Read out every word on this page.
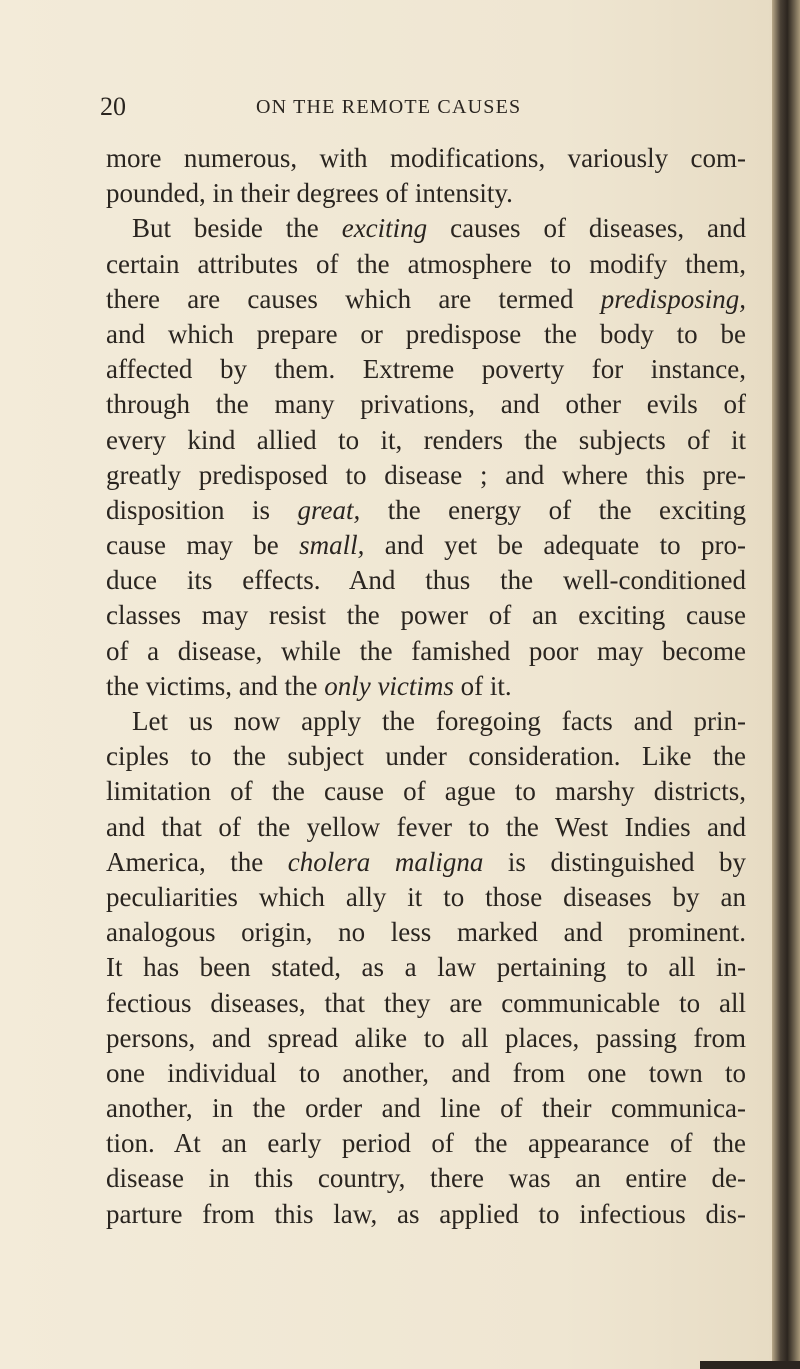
20	ON THE REMOTE CAUSES
more numerous, with modifications, variously com-
pounded, in their degrees of intensity.
But beside the exciting causes of diseases, and
certain attributes of the atmosphere to modify them,
there are causes which are termed predisposing,
and which prepare or predispose the body to be
affected by them. Extreme poverty for instance,
through the many privations, and other evils of
every kind allied to it, renders the subjects of it
greatly predisposed to disease ; and where this pre-
disposition is great, the energy of the exciting
cause may be small, and yet be adequate to pro-
duce its effects. And thus the well-conditioned
classes may resist the power of an exciting cause
of a disease, while the famished poor may become
the victims, and the only victims of it.
Let us now apply the foregoing facts and prin-
ciples to the subject under consideration. Like the
limitation of the cause of ague to marshy districts,
and that of the yellow fever to the West Indies and
America, the cholera maligna is distinguished by
peculiarities which ally it to those diseases by an
analogous origin, no less marked and prominent.
It has been stated, as a law pertaining to all in-
fectious diseases, that they are communicable to all
persons, and spread alike to all places, passing from
one individual to another, and from one town to
another, in the order and line of their communica-
tion. At an early period of the appearance of the
disease in this country, there was an entire de-
parture from this law, as applied to infectious dis-
